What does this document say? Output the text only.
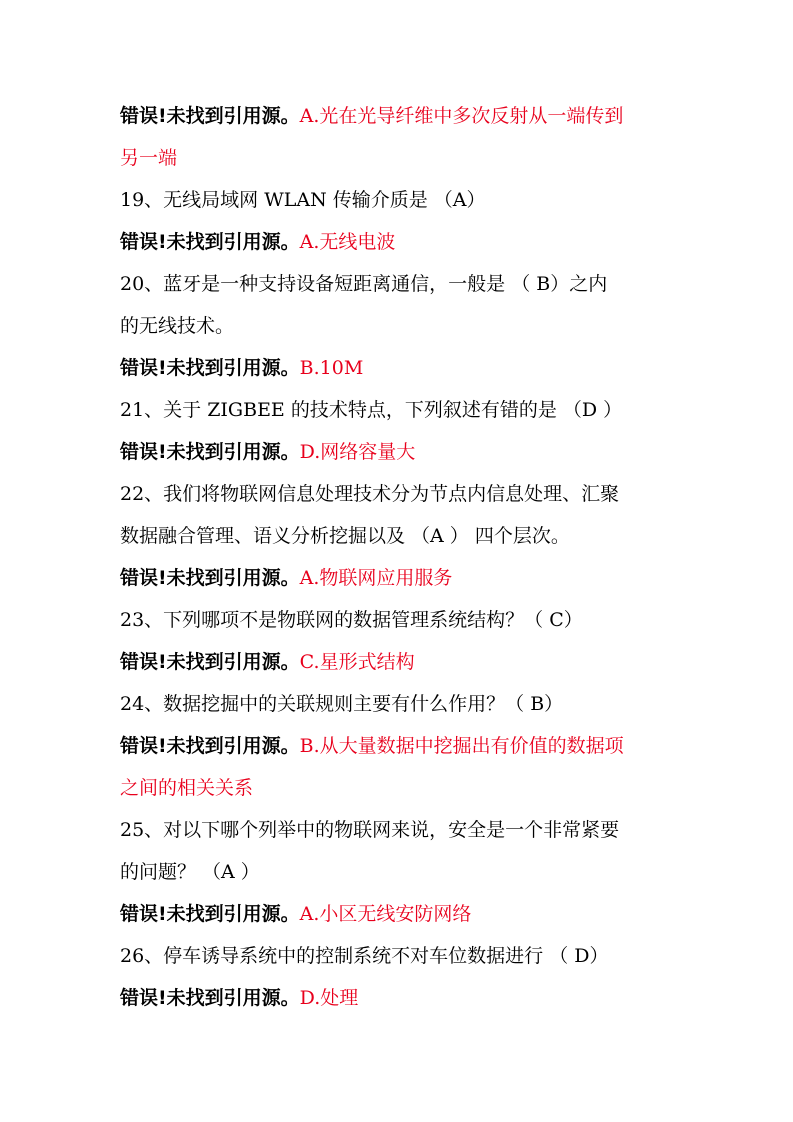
错误!未找到引用源。A.光在光导纤维中多次反射从一端传到
另一端
19、无线局域网 WLAN 传输介质是 （A）
错误!未找到引用源。A.无线电波
20、蓝牙是一种支持设备短距离通信，一般是 （ B）之内
的无线技术。
错误!未找到引用源。B.10M
21、关于 ZIGBEE 的技术特点，下列叙述有错的是 （D ）
错误!未找到引用源。D.网络容量大
22、我们将物联网信息处理技术分为节点内信息处理、汇聚
数据融合管理、语义分析挖掘以及 （A ） 四个层次。
错误!未找到引用源。A.物联网应用服务
23、下列哪项不是物联网的数据管理系统结构？（ C）
错误!未找到引用源。C.星形式结构
24、数据挖掘中的关联规则主要有什么作用？（ B）
错误!未找到引用源。B.从大量数据中挖掘出有价值的数据项
之间的相关关系
25、对以下哪个列举中的物联网来说，安全是一个非常紧要
的问题？ （A ）
错误!未找到引用源。A.小区无线安防网络
26、停车诱导系统中的控制系统不对车位数据进行 （ D）
错误!未找到引用源。D.处理
